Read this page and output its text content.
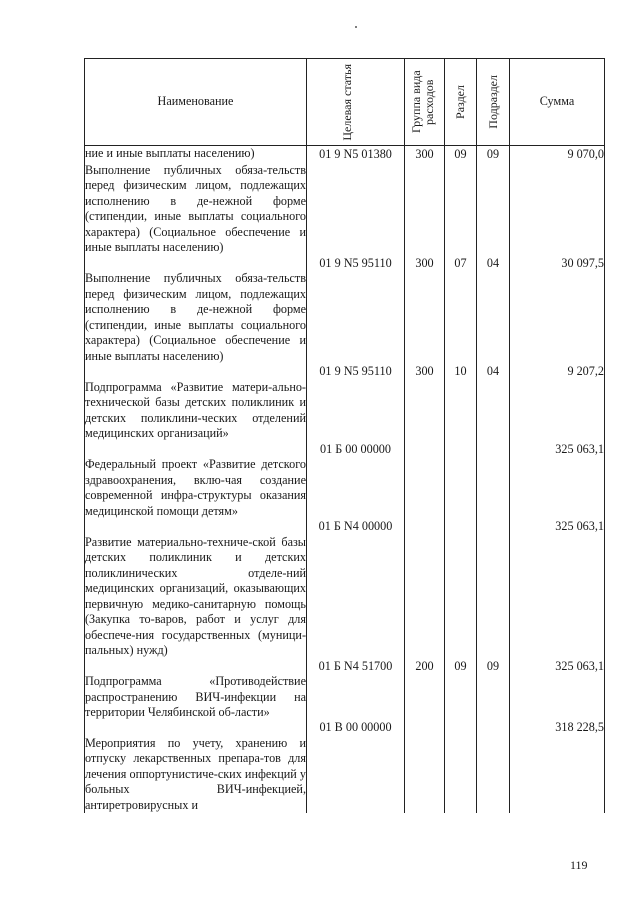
Наименование	Целевая статья	Группа вида расходов	Раздел	Подраздел	Сумма
ние и иные выплаты населению)	01 9 N5 01380	300	09	09	9 070,0

Выполнение публичных обяза-тельств перед физическим лицом, подлежащих исполнению в де-нежной форме (стипендии, иные выплаты социального характера) (Социальное обеспечение и иные выплаты населению)	01 9 N5 95110	300	07	04	30 097,5

Выполнение публичных обяза-тельств перед физическим лицом, подлежащих исполнению в де-нежной форме (стипендии, иные выплаты социального характера) (Социальное обеспечение и иные выплаты населению)	01 9 N5 95110	300	10	04	9 207,2

Подпрограмма «Развитие матери-ально-технической базы детских поликлиник и детских поликлини-ческих отделений медицинских организаций»	01 Б 00 00000				325 063,1

Федеральный проект «Развитие детского здравоохранения, вклю-чая создание современной инфра-структуры оказания медицинской помощи детям»	01 Б N4 00000				325 063,1

Развитие материально-техниче-ской базы детских поликлиник и детских поликлинических отделе-ний медицинских организаций, оказывающих первичную медико-санитарную помощь (Закупка то-варов, работ и услуг для обеспече-ния государственных (муници-пальных) нужд)	01 Б N4 51700	200	09	09	325 063,1

Подпрограмма «Противодействие распространению ВИЧ-инфекции на территории Челябинской об-ласти»	01 В 00 00000				318 228,5

Мероприятия по учету, хранению и отпуску лекарственных препара-тов для лечения оппортунистиче-ских инфекций у больных ВИЧ-инфекцией, антиретровирусных и					
119
